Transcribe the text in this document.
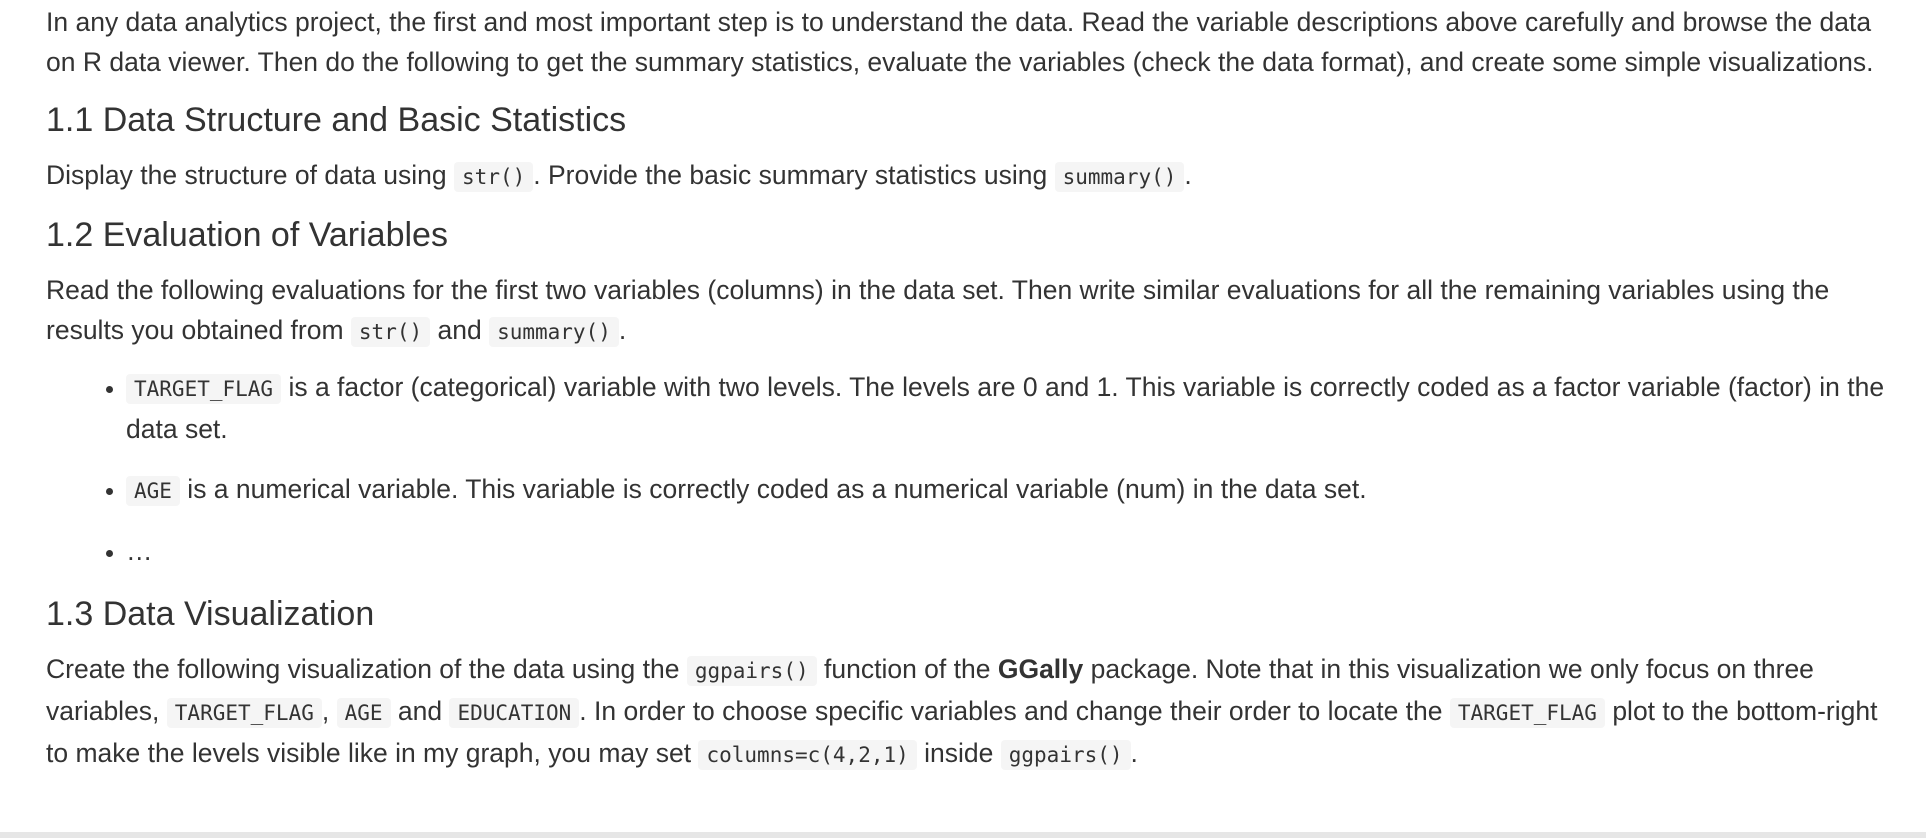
In any data analytics project, the first and most important step is to understand the data. Read the variable descriptions above carefully and browse the data on R data viewer. Then do the following to get the summary statistics, evaluate the variables (check the data format), and create some simple visualizations.

1.1 Data Structure and Basic Statistics

Display the structure of data using str() . Provide the basic summary statistics using summary() .

1.2 Evaluation of Variables

Read the following evaluations for the first two variables (columns) in the data set. Then write similar evaluations for all the remaining variables using the results you obtained from str() and summary() .

• TARGET_FLAG is a factor (categorical) variable with two levels. The levels are 0 and 1. This variable is correctly coded as a factor variable (factor) in the data set.
• AGE is a numerical variable. This variable is correctly coded as a numerical variable (num) in the data set.
• …
1.3 Data Visualization

Create the following visualization of the data using the ggpairs() function of the GGally package. Note that in this visualization we only focus on three variables, TARGET_FLAG , AGE and EDUCATION . In order to choose specific variables and change their order to locate the TARGET_FLAG plot to the bottom-right to make the levels visible like in my graph, you may set columns=c(4,2,1) inside ggpairs() .
